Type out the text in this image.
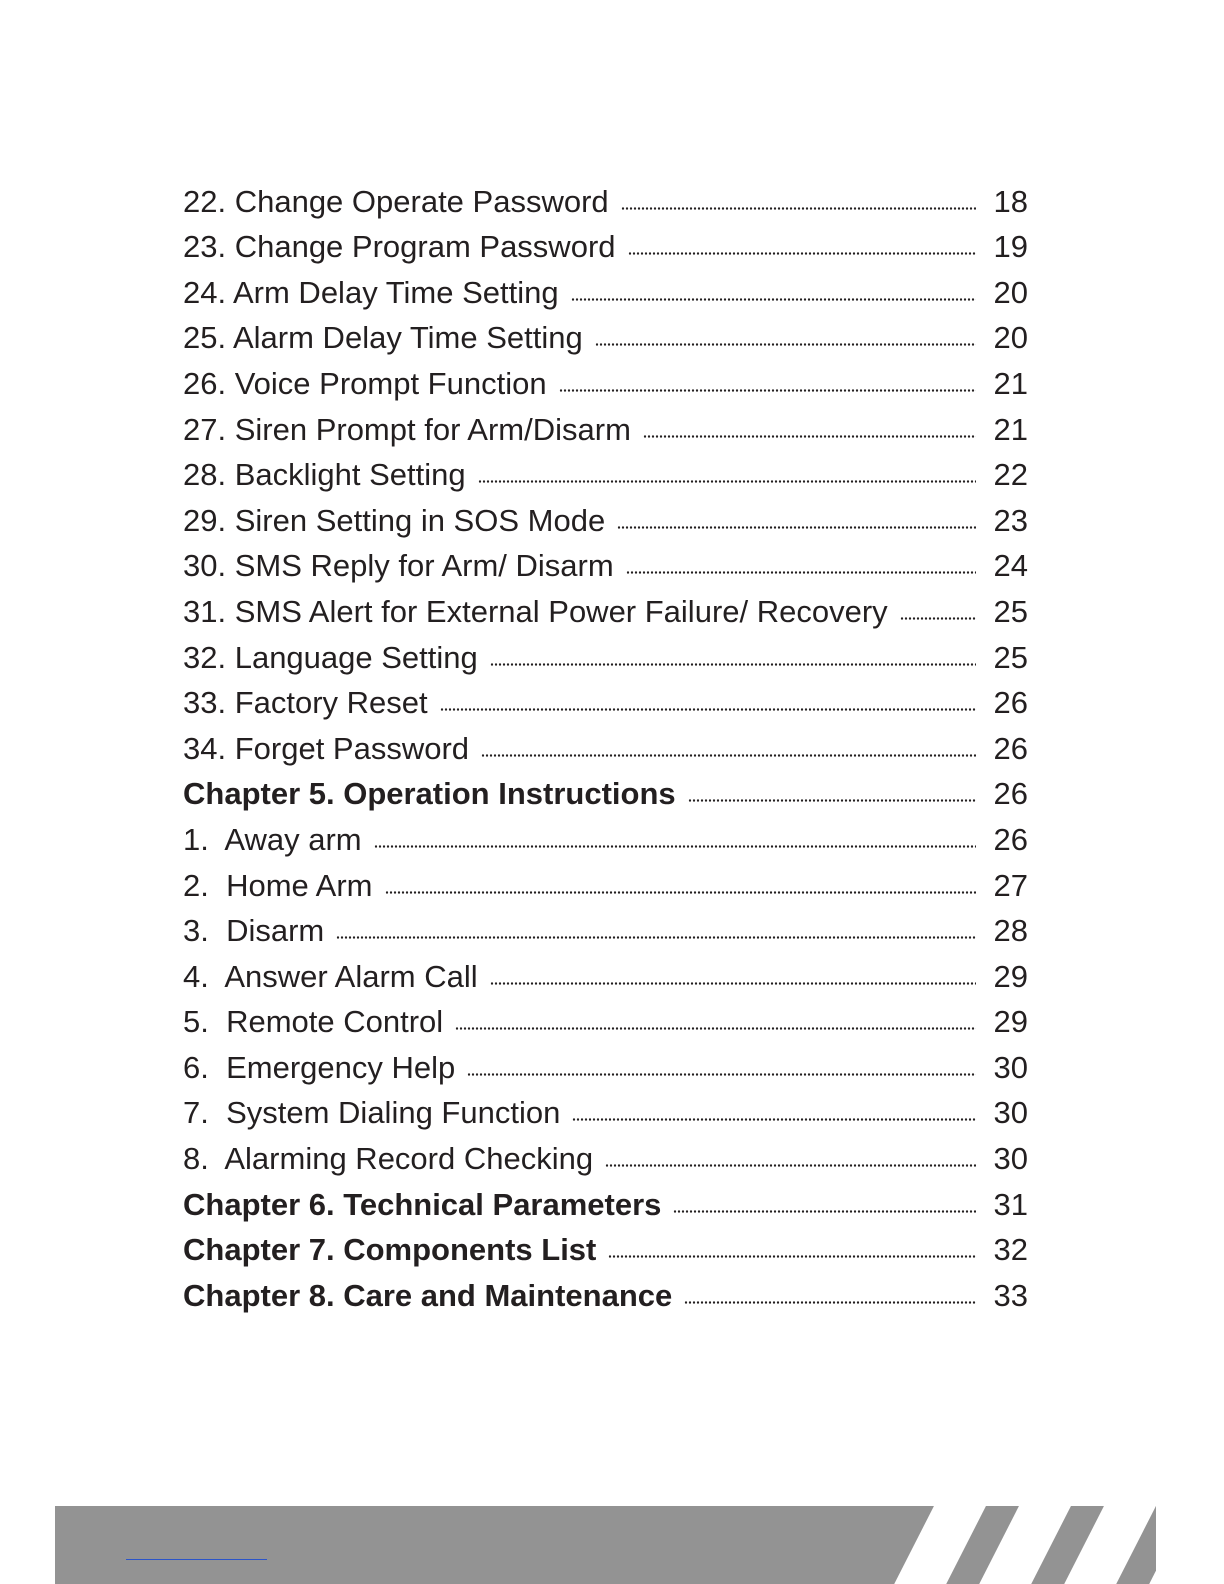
22. Change Operate Password	18
23. Change Program Password	19
24. Arm Delay Time Setting	20
25. Alarm Delay Time Setting	20
26. Voice Prompt Function	21
27. Siren Prompt for Arm/Disarm	21
28. Backlight Setting	22
29. Siren Setting in SOS Mode	23
30. SMS Reply for Arm/ Disarm	24
31. SMS Alert for External Power Failure/ Recovery	25
32. Language Setting	25
33. Factory Reset	26
34. Forget Password	26
Chapter 5. Operation Instructions	26
1.  Away arm	26
2.  Home Arm	27
3.  Disarm	28
4.  Answer Alarm Call	29
5.  Remote Control	29
6.  Emergency Help	30
7.  System Dialing Function	30
8.  Alarming Record Checking	30
Chapter 6. Technical Parameters	31
Chapter 7. Components List	32
Chapter 8. Care and Maintenance	33
